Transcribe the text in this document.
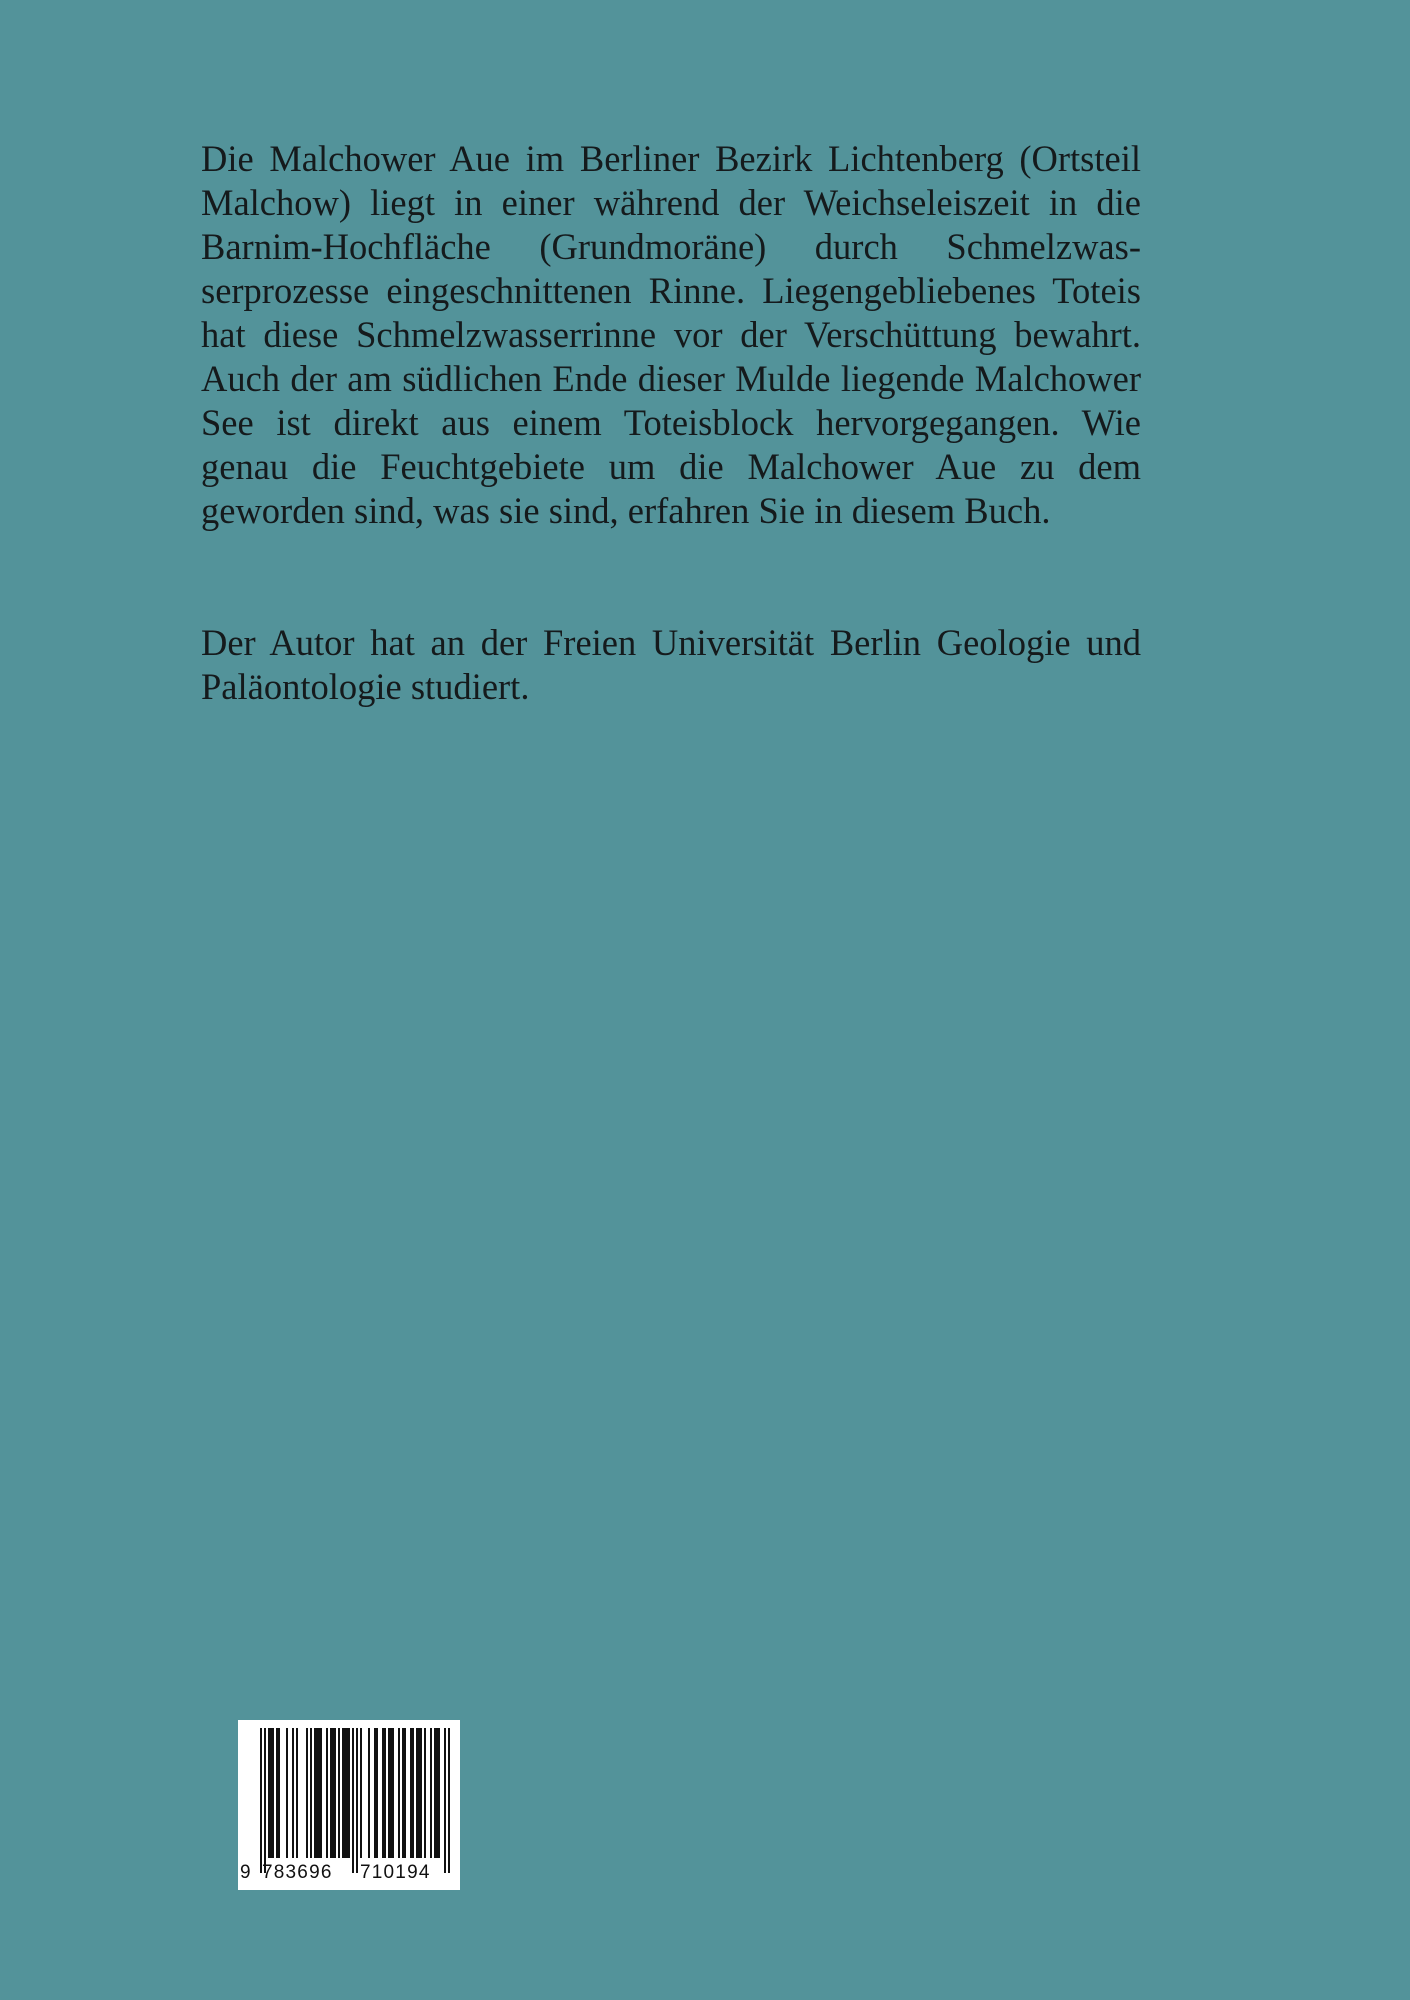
Die Malchower Aue im Berliner Bezirk Lichtenberg (Ortsteil Malchow) liegt in einer während der Weichseleiszeit in die Barnim-Hochfläche (Grundmoräne) durch Schmelzwasserprozesse eingeschnittenen Rinne. Liegengebliebenes Toteis hat diese Schmelzwasserrinne vor der Verschüttung bewahrt. Auch der am südlichen Ende dieser Mulde liegende Malchower See ist direkt aus einem Toteisblock hervorgegangen. Wie genau die Feuchtgebiete um die Malchower Aue zu dem geworden sind, was sie sind, erfahren Sie in diesem Buch.

Der Autor hat an der Freien Universität Berlin Geologie und Paläontologie studiert.

9 783696 710194
